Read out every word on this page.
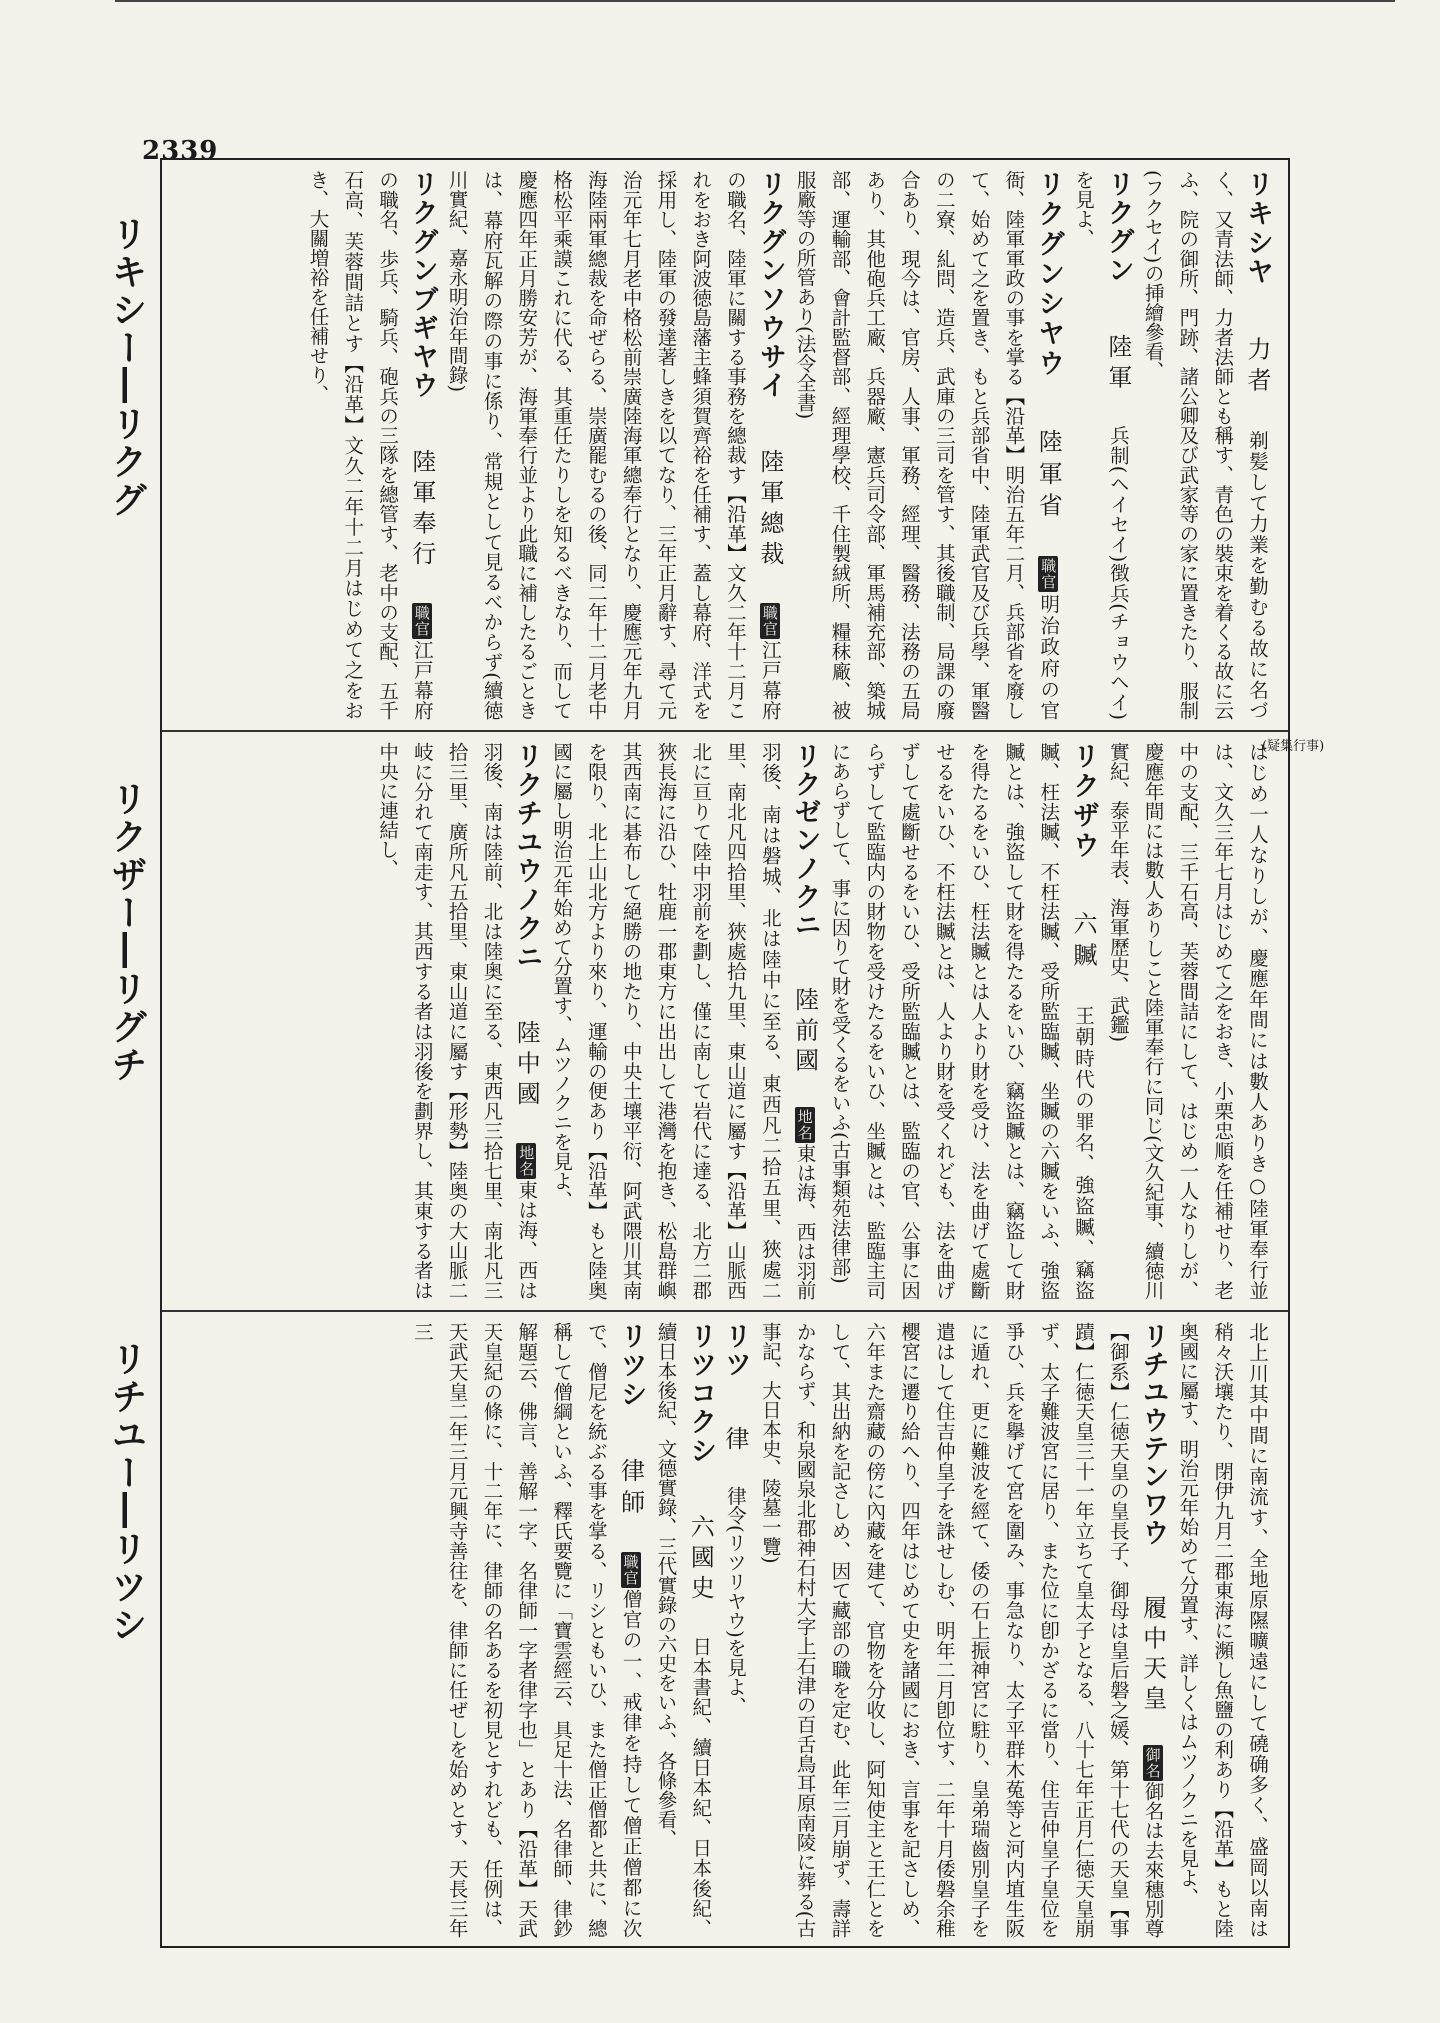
2339
リキシー―リクグ
リクザー―リグチ
リチユー―リツシ
リキシヤ　力者　剃髪して力業を勤むる故に名づく、又青法師、力者法師とも稱す、青色の裝束を着くる故に云ふ、院の御所、門跡、諸公卿及び武家等の家に置きたり、服制(フクセイ)の挿繪參看、
リクグン　陸軍　兵制(ヘイセイ)徴兵(チョウヘイ)を見よ、
リクグンシヤウ　陸軍省　職官明治政府の官衙、陸軍軍政の事を掌る【沿革】明治五年二月、兵部省を廢して、始めて之を置き、もと兵部省中、陸軍武官及び兵學、軍醫の二寮、糺問、造兵、武庫の三司を管す、其後職制、局課の廢合あり、現今は、官房、人事、軍務、經理、醫務、法務の五局あり、其他砲兵工廠、兵器廠、憲兵司令部、軍馬補充部、築城部、運輸部、會計監督部、經理學校、千住製絨所、糧秣廠、被服廠等の所管あり(法令全書)
リクグンソウサイ　陸軍總裁　職官江戸幕府の職名、陸軍に關する事務を總裁す【沿革】文久二年十二月これをおき阿波徳島藩主蜂須賀齊裕を任補す、蓋し幕府、洋式を採用し、陸軍の發達著しきを以てなり、三年正月辭す、尋て元治元年七月老中格松前崇廣陸海軍總奉行となり、慶應元年九月海陸兩軍總裁を命ぜらる、崇廣罷むるの後、同二年十二月老中格松平乘謨これに代る、其重任たりしを知るべきなり、而して慶應四年正月勝安芳が、海軍奉行並より此職に補したるごときは、幕府瓦解の際の事に係り、常規として見るべからず(續徳川實紀、嘉永明治年間錄)
リクグンブギヤウ　陸軍奉行　職官江戸幕府の職名、歩兵、騎兵、砲兵の三隊を總管す、老中の支配、五千石高、芙蓉間詰とす【沿革】文久二年十二月はじめて之をおき、大關増裕を任補せり、
はじめ一人なりしが、慶應年間には數人ありき○陸軍奉行並は、文久三年七月はじめて之をおき、小栗忠順を任補せり、老中の支配、三千石高、芙蓉間詰にして、はじめ一人なりしが、慶應年間には數人ありしこと陸軍奉行に同じ(文久紀事、續徳川實紀、泰平年表、海軍歷史、武鑑)
リクザウ　六贓　王朝時代の罪名、強盜贓、竊盜贓、枉法贓、不枉法贓、受所監臨贓、坐贓の六贓をいふ、強盜贓とは、強盜して財を得たるをいひ、竊盜贓とは、竊盜して財を得たるをいひ、枉法贓とは人より財を受け、法を曲げて處斷せるをいひ、不枉法贓とは、人より財を受くれども、法を曲げずして處斷せるをいひ、受所監臨贓とは、監臨の官、公事に因らずして監臨内の財物を受けたるをいひ、坐贓とは、監臨主司にあらずして、事に因りて財を受くるをいふ(古事類苑法律部)
リクゼンノクニ　陸前國　地名東は海、西は羽前羽後、南は磐城、北は陸中に至る、東西凡二拾五里、狹處二里、南北凡四拾里、狹處拾九里、東山道に屬す【沿革】山脈西北に亘りて陸中羽前を劃し、僅に南して岩代に達る、北方二郡狹長海に沿ひ、牡鹿一郡東方に出出して港灣を抱き、松島群嶼其西南に碁布して絕勝の地たり、中央土壤平衍、阿武隈川其南を限り、北上山北方より來り、運輸の便あり【沿革】もと陸奥國に屬し明治元年始めて分置す、ムツノクニを見よ、
リクチユウノクニ　陸中國　地名東は海、西は羽後、南は陸前、北は陸奥に至る、東西凡三拾七里、南北凡三拾三里、廣所凡五拾里、東山道に屬す【形勢】陸奥の大山脈二岐に分れて南走す、其西する者は羽後を劃界し、其東する者は中央に連結し、
北上川其中間に南流す、全地原隰曠遠にして磽确多く、盛岡以南は稍々沃壤たり、閉伊九月二郡東海に瀕し魚鹽の利あり【沿革】もと陸奥國に屬す、明治元年始めて分置す、詳しくはムツノクニを見よ、
リチユウテンワウ　履中天皇　御名御名は去來穗別尊【御系】仁徳天皇の皇長子、御母は皇后磐之媛、第十七代の天皇【事蹟】仁徳天皇三十一年立ちて皇太子となる、八十七年正月仁徳天皇崩ず、太子難波宮に居り、また位に卽かざるに當り、住吉仲皇子皇位を爭ひ、兵を擧げて宮を圍み、事急なり、太子平群木菟等と河内埴生阪に遁れ、更に難波を經て、倭の石上振神宮に駐り、皇弟瑞齒別皇子を遣はして住吉仲皇子を誅せしむ、明年二月卽位す、二年十月倭磐余稚櫻宮に遷り給へり、四年はじめて史を諸國におき、言事を記さしめ、六年また齋藏の傍に內藏を建て、官物を分收し、阿知使主と王仁とをして、其出納を記さしめ、因て藏部の職を定む、此年三月崩ず、壽詳かならず、和泉國泉北郡神石村大字上石津の百舌鳥耳原南陵に葬る(古事記、大日本史、陵墓一覽)
リツ　律　律令(リツリヤウ)を見よ、
リツコクシ　六國史　日本書紀、續日本紀、日本後紀、續日本後紀、文德實錄、三代實錄の六史をいふ、各條參看、
リツシ　律師　職官僧官の一、戒律を持して僧正僧都に次で、僧尼を統ぶる事を掌る、リシともいひ、また僧正僧都と共に、總稱して僧綱といふ、釋氏要覽に「寶雲經云、具足十法、名律師、律鈔解題云、佛言、善解一字、名律師一字者律字也」とあり【沿革】天武天皇紀の條に、十二年に、律師の名あるを初見とすれども、任例は、天武天皇二年三月元興寺善往を、律師に任ぜしを始めとす、天長三年三
(疑集行事)
